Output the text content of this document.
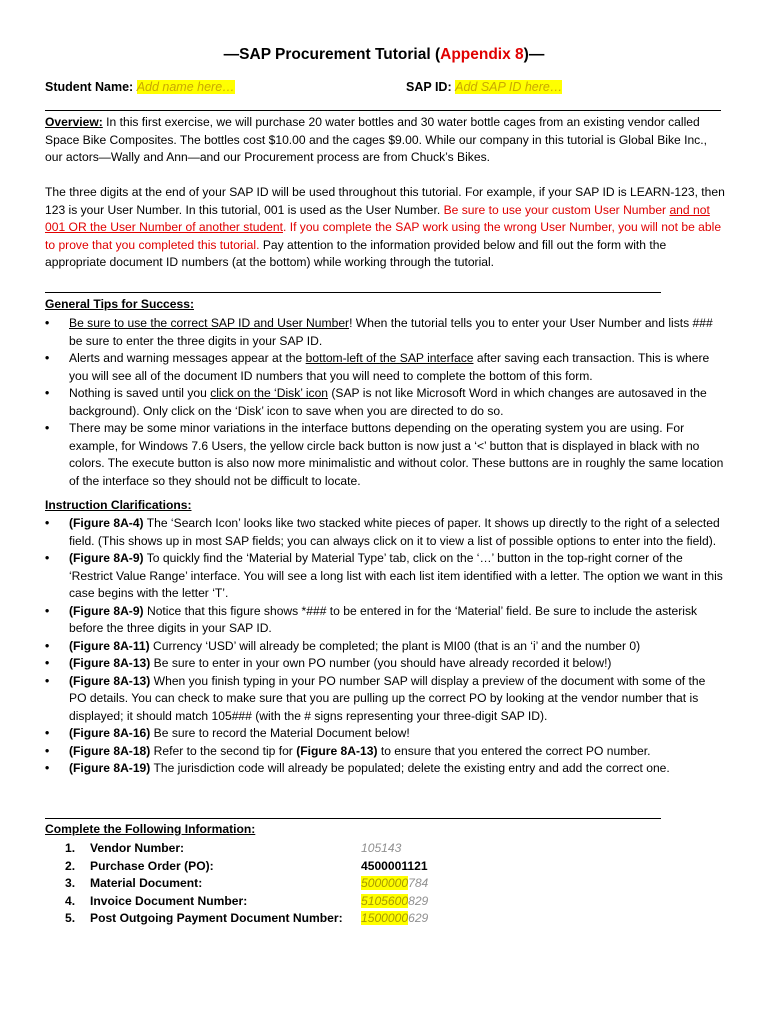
—SAP Procurement Tutorial (Appendix 8)—
Student Name: Add name here…	SAP ID: Add SAP ID here…
Overview: In this first exercise, we will purchase 20 water bottles and 30 water bottle cages from an existing vendor called Space Bike Composites. The bottles cost $10.00 and the cages $9.00. While our company in this tutorial is Global Bike Inc., our actors—Wally and Ann—and our Procurement process are from Chuck’s Bikes.
The three digits at the end of your SAP ID will be used throughout this tutorial. For example, if your SAP ID is LEARN-123, then 123 is your User Number. In this tutorial, 001 is used as the User Number. Be sure to use your custom User Number and not 001 OR the User Number of another student. If you complete the SAP work using the wrong User Number, you will not be able to prove that you completed this tutorial. Pay attention to the information provided below and fill out the form with the appropriate document ID numbers (at the bottom) while working through the tutorial.
General Tips for Success:
• Be sure to use the correct SAP ID and User Number! When the tutorial tells you to enter your User Number and lists ### be sure to enter the three digits in your SAP ID.
• Alerts and warning messages appear at the bottom-left of the SAP interface after saving each transaction. This is where you will see all of the document ID numbers that you will need to complete the bottom of this form.
• Nothing is saved until you click on the ‘Disk’ icon (SAP is not like Microsoft Word in which changes are autosaved in the background). Only click on the ‘Disk’ icon to save when you are directed to do so.
• There may be some minor variations in the interface buttons depending on the operating system you are using. For example, for Windows 7.6 Users, the yellow circle back button is now just a ‘<’ button that is displayed in black with no colors. The execute button is also now more minimalistic and without color. These buttons are in roughly the same location of the interface so they should not be difficult to locate.
Instruction Clarifications:
• (Figure 8A-4) The ‘Search Icon’ looks like two stacked white pieces of paper. It shows up directly to the right of a selected field. (This shows up in most SAP fields; you can always click on it to view a list of possible options to enter into the field).
• (Figure 8A-9) To quickly find the ‘Material by Material Type’ tab, click on the ‘…’ button in the top-right corner of the ‘Restrict Value Range’ interface. You will see a long list with each list item identified with a letter. The option we want in this case begins with the letter ‘T’.
• (Figure 8A-9) Notice that this figure shows *### to be entered in for the ‘Material’ field. Be sure to include the asterisk before the three digits in your SAP ID.
• (Figure 8A-11) Currency ‘USD’ will already be completed; the plant is MI00 (that is an ‘i’ and the number 0)
• (Figure 8A-13) Be sure to enter in your own PO number (you should have already recorded it below!)
• (Figure 8A-13) When you finish typing in your PO number SAP will display a preview of the document with some of the PO details. You can check to make sure that you are pulling up the correct PO by looking at the vendor number that is displayed; it should match 105### (with the # signs representing your three-digit SAP ID).
• (Figure 8A-16) Be sure to record the Material Document below!
• (Figure 8A-18) Refer to the second tip for (Figure 8A-13) to ensure that you entered the correct PO number.
• (Figure 8A-19) The jurisdiction code will already be populated; delete the existing entry and add the correct one.
Complete the Following Information:
1. Vendor Number:	105143
2. Purchase Order (PO):	4500001121
3. Material Document:	5000000784
4. Invoice Document Number:	5105600829
5. Post Outgoing Payment Document Number: 1500000629
